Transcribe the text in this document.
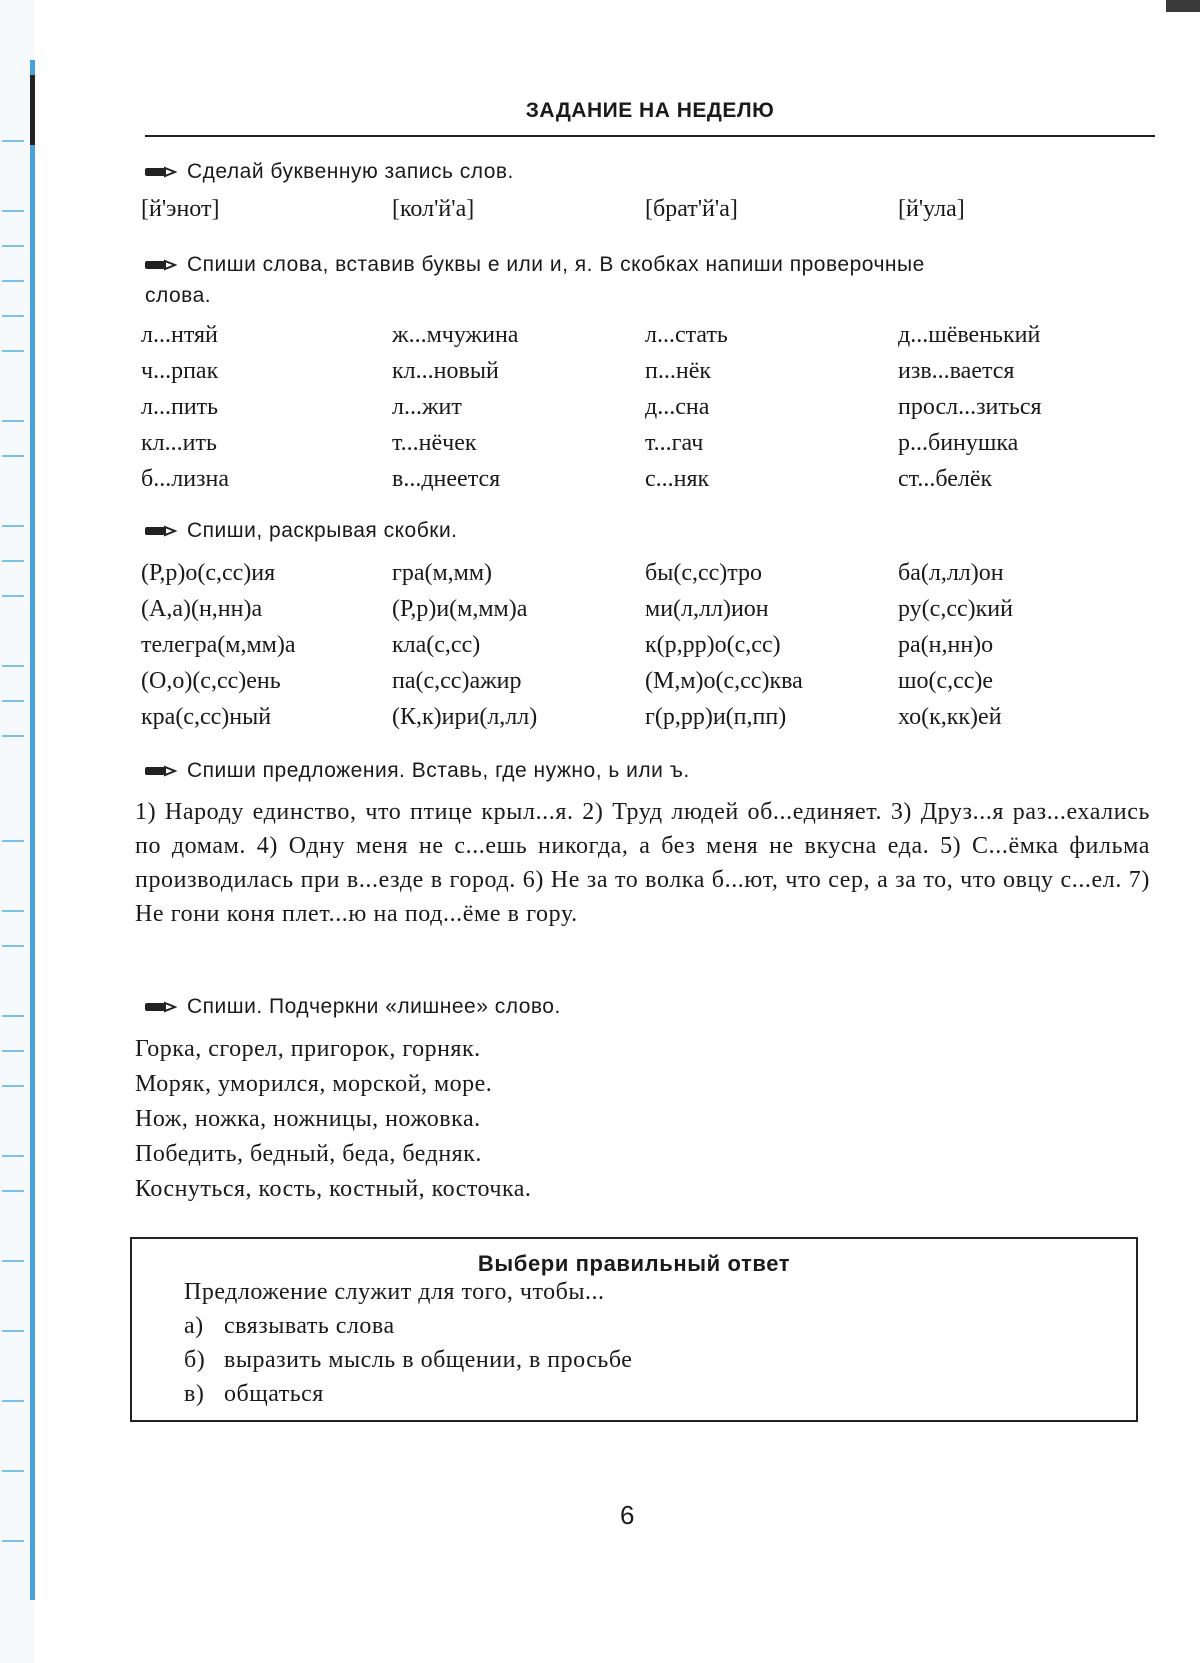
ЗАДАНИЕ НА НЕДЕЛЮ
Сделай буквенную запись слов.
[й'энот]	[кол'й'а]	[брат'й'а]	[й'ула]
Спиши слова, вставив буквы е или и, я. В скобках напиши проверочные
слова.
л...нтяй	ж...мчужина	л...стать	д...шёвенький
ч...рпак	кл...новый	п...нёк	изв...вается
л...пить	л...жит	д...сна	просл...зиться
кл...ить	т...нёчек	т...гач	р...бинушка
б...лизна	в...днеется	с...няк	ст...белёк
Спиши, раскрывая скобки.
(Р,р)о(с,сс)ия	гра(м,мм)	бы(с,сс)тро	ба(л,лл)он
(А,а)(н,нн)а	(Р,р)и(м,мм)а	ми(л,лл)ион	ру(с,сс)кий
телегра(м,мм)а	кла(с,сс)	к(р,рр)о(с,сс)	ра(н,нн)о
(О,о)(с,сс)ень	па(с,сс)ажир	(М,м)о(с,сс)ква	шо(с,сс)е
кра(с,сс)ный	(К,к)ири(л,лл)	г(р,рр)и(п,пп)	хо(к,кк)ей
Спиши предложения. Вставь, где нужно, ь или ъ.
1) Народу единство, что птице крыл...я. 2) Труд людей об...единяет. 3) Друз...я раз...ехались по домам. 4) Одну меня не с...ешь никогда, а без меня не вкусна еда. 5) С...ёмка фильма производилась при в...езде в город. 6) Не за то волка б...ют, что сер, а за то, что овцу с...ел. 7) Не гони коня плет...ю на под...ёме в гору.
Спиши. Подчеркни «лишнее» слово.
Горка, сгорел, пригорок, горняк.
Моряк, уморился, морской, море.
Нож, ножка, ножницы, ножовка.
Победить, бедный, беда, бедняк.
Коснуться, кость, костный, косточка.
Выбери правильный ответ
Предложение служит для того, чтобы...
а) связывать слова
б) выразить мысль в общении, в просьбе
в) общаться
6
